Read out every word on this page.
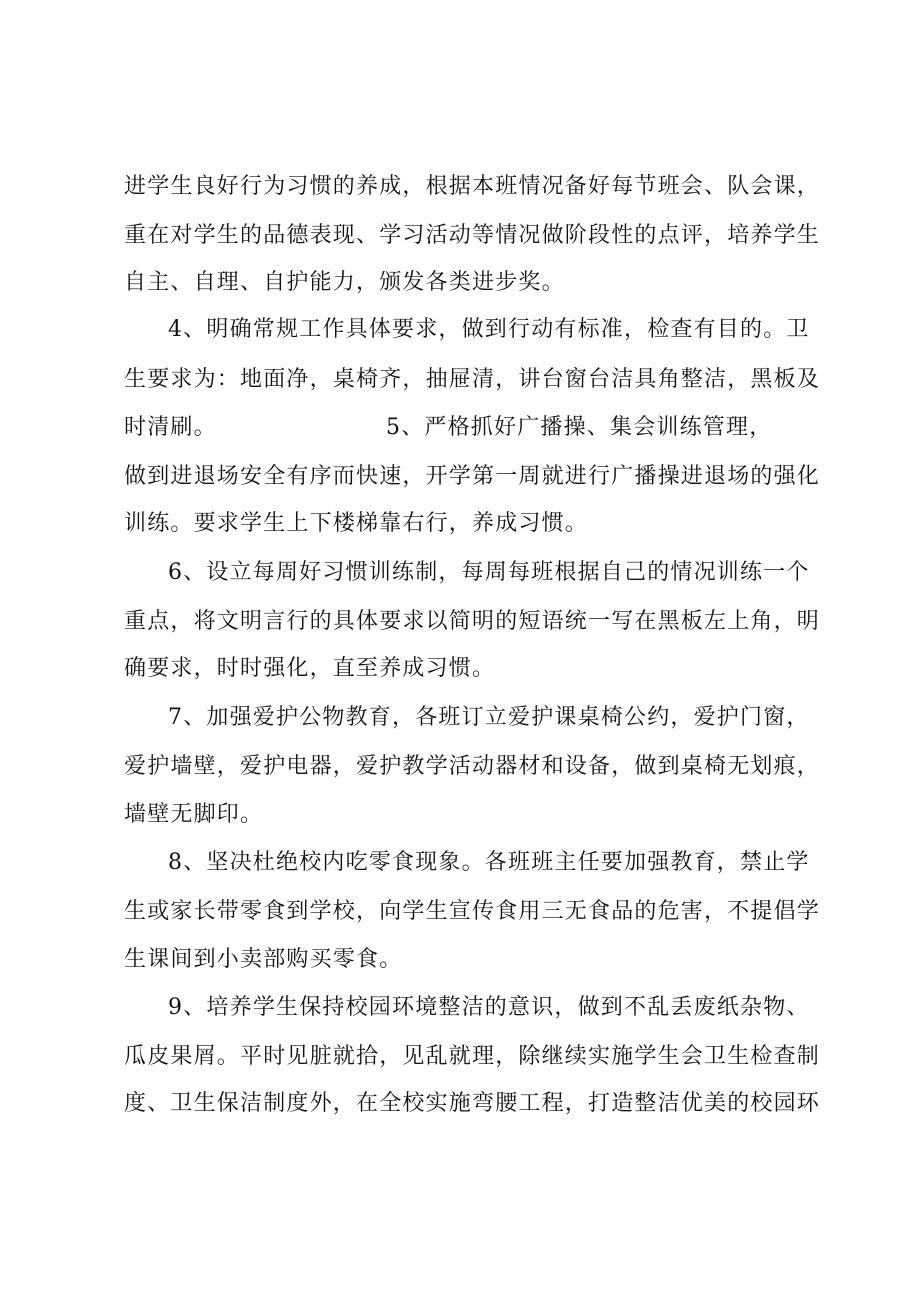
进学生良好行为习惯的养成，根据本班情况备好每节班会、队会课，
重在对学生的品德表现、学习活动等情况做阶段性的点评，培养学生
自主、自理、自护能力，颁发各类进步奖。
4、明确常规工作具体要求，做到行动有标准，检查有目的。卫
生要求为：地面净，桌椅齐，抽屉清，讲台窗台洁具角整洁，黑板及
时清刷。	5、严格抓好广播操、集会训练管理，
做到进退场安全有序而快速，开学第一周就进行广播操进退场的强化
训练。要求学生上下楼梯靠右行，养成习惯。
6、设立每周好习惯训练制，每周每班根据自己的情况训练一个
重点，将文明言行的具体要求以简明的短语统一写在黑板左上角，明
确要求，时时强化，直至养成习惯。
7、加强爱护公物教育，各班订立爱护课桌椅公约，爱护门窗，
爱护墙壁，爱护电器，爱护教学活动器材和设备，做到桌椅无划痕，
墙壁无脚印。
8、坚决杜绝校内吃零食现象。各班班主任要加强教育，禁止学
生或家长带零食到学校，向学生宣传食用三无食品的危害，不提倡学
生课间到小卖部购买零食。
9、培养学生保持校园环境整洁的意识，做到不乱丢废纸杂物、
瓜皮果屑。平时见脏就拾，见乱就理，除继续实施学生会卫生检查制
度、卫生保洁制度外，在全校实施弯腰工程，打造整洁优美的校园环
